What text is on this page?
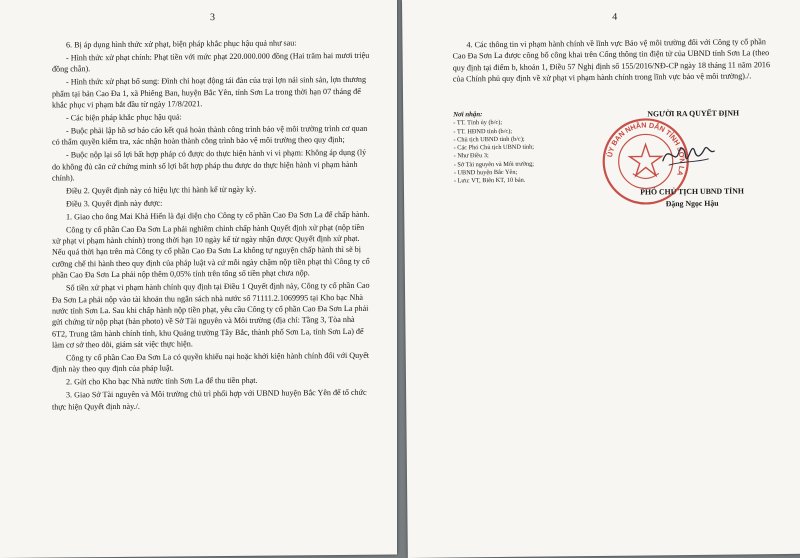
3

6. Bị áp dụng hình thức xử phạt, biện pháp khắc phục hậu quả như sau:

- Hình thức xử phạt chính: Phạt tiền với mức phạt 220.000.000 đồng (Hai trăm hai mươi triệu đồng chẵn).

- Hình thức xử phạt bổ sung: Đình chỉ hoạt động tái đàn của trại lợn nái sinh sản, lợn thương phẩm tại bản Cao Đa 1, xã Phiêng Ban, huyện Bắc Yên, tỉnh Sơn La trong thời hạn 07 tháng để khắc phục vi phạm bắt đầu từ ngày 17/8/2021.

- Các biện pháp khắc phục hậu quả:

- Buộc phải lập hồ sơ báo cáo kết quả hoàn thành công trình bảo vệ môi trường trình cơ quan có thẩm quyền kiểm tra, xác nhận hoàn thành công trình bảo vệ môi trường theo quy định;

- Buộc nộp lại số lợi bất hợp pháp có được do thực hiện hành vi vi phạm: Không áp dụng (lý do không đủ căn cứ chứng minh số lợi bất hợp pháp thu được do thực hiện hành vi phạm hành chính).

Điều 2. Quyết định này có hiệu lực thi hành kể từ ngày ký.

Điều 3. Quyết định này được:

1. Giao cho ông Mai Khả Hiển là đại diện cho Công ty cổ phần Cao Đa Sơn La để chấp hành.

Công ty cổ phần Cao Đa Sơn La phải nghiêm chỉnh chấp hành Quyết định xử phạt (nộp tiền xử phạt vi phạm hành chính) trong thời hạn 10 ngày kể từ ngày nhận được Quyết định xử phạt. Nếu quá thời hạn trên mà Công ty cổ phần Cao Đa Sơn La không tự nguyện chấp hành thì sẽ bị cưỡng chế thi hành theo quy định của pháp luật và cứ mỗi ngày chậm nộp tiền phạt thì Công ty cổ phần Cao Đa Sơn La phải nộp thêm 0,05% tính trên tổng số tiền phạt chưa nộp.

Số tiền xử phạt vi phạm hành chính quy định tại Điều 1 Quyết định này, Công ty cổ phần Cao Đa Sơn La phải nộp vào tài khoản thu ngân sách nhà nước số 71111.2.1069995 tại Kho bạc Nhà nước tỉnh Sơn La. Sau khi chấp hành nộp tiền phạt, yêu cầu Công ty cổ phần Cao Đa Sơn La phải gửi chứng từ nộp phạt (bản photo) về Sở Tài nguyên và Môi trường (địa chỉ: Tầng 3, Tòa nhà 6T2, Trung tâm hành chính tỉnh, khu Quảng trường Tây Bắc, thành phố Sơn La, tỉnh Sơn La) để làm cơ sở theo dõi, giám sát việc thực hiện.

Công ty cổ phần Cao Đa Sơn La có quyền khiếu nại hoặc khởi kiện hành chính đối với Quyết định này theo quy định của pháp luật.

2. Gửi cho Kho bạc Nhà nước tỉnh Sơn La để thu tiền phạt.

3. Giao Sở Tài nguyên và Môi trường chủ trì phối hợp với UBND huyện Bắc Yên để tổ chức thực hiện Quyết định này./.

4

4. Các thông tin vi phạm hành chính về lĩnh vực Bảo vệ môi trường đối với Công ty cổ phần Cao Đa Sơn La được công bố công khai trên Cổng thông tin điện tử của UBND tỉnh Sơn La (theo quy định tại điểm b, khoản 1, Điều 57 Nghị định số 155/2016/NĐ-CP ngày 18 tháng 11 năm 2016 của Chính phủ quy định về xử phạt vi phạm hành chính trong lĩnh vực bảo vệ môi trường)./.

Nơi nhận:

- TT. Tỉnh ủy (b/c);

- TT. HĐND tỉnh (b/c);

- Chủ tịch UBND tỉnh (b/c);

- Các Phó Chủ tịch UBND tỉnh;

- Như Điều 3;

- Sở Tài nguyên và Môi trường;

- UBND huyện Bắc Yên;

- Lưu: VT, Biên KT, 10 bản.

NGƯỜI RA QUYẾT ĐỊNH
ỦY BAN NHÂN DÂN TỈNH SƠN LA
PHÓ CHỦ TỊCH UBND TỈNH
Đặng Ngọc Hậu
